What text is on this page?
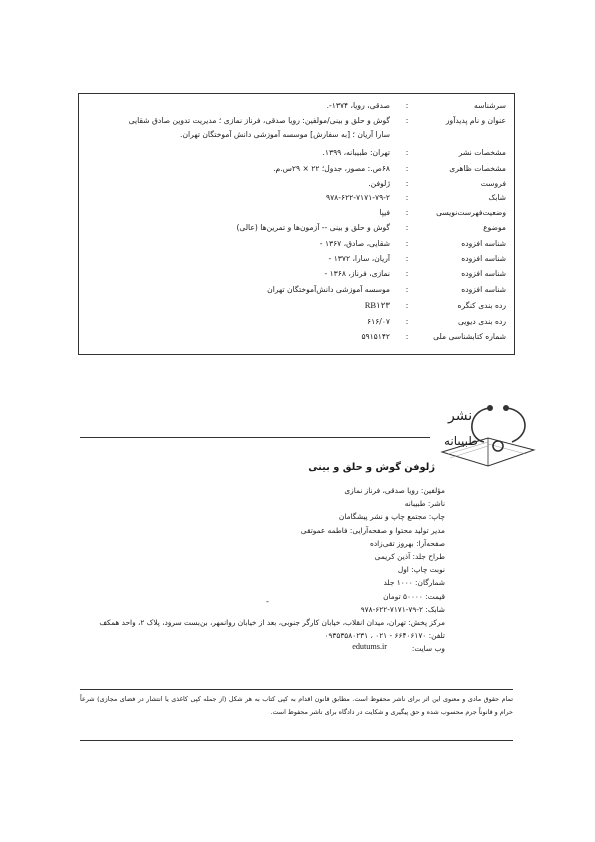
سرشناسه
:
صدقی، رویا، ۱۳۷۴-.
عنوان و نام پدیدآور
:
گوش و حلق و بینی/مولفین: رویا صدقی، فرناز نمازی ؛ مدیریت تدوین صادق شقایی
سارا آریان ؛ [به سفارش] موسسه آموزشی دانش آموختگان تهران.
مشخصات نشر
:
تهران: طبیبانه، ۱۳۹۹.
مشخصات ظاهری
:
۶۸ص.: مصور، جدول؛ ۲۲ × ۲۹س.م.
فروست
:
ژلوفن.
شابک
:
۹۷۸-۶۲۲-۷۱۷۱-۷۹-۲
وضعیت‌فهرست‌نویسی
:
فیپا
موضوع
:
گوش و حلق و بینی -- آزمون‌ها و تمرین‌ها (عالی)
شناسه افزوده
:
شقایی، صادق، ۱۳۶۷ -
شناسه افزوده
:
آریان، سارا، ۱۳۷۲ -
شناسه افزوده
:
نمازی، فرناز، ۱۳۶۸ -
شناسه افزوده
:
موسسه آموزشی دانش‌آموختگان تهران
رده بندی کنگره
:
RB۱۲۳
رده بندی دیویی
:
۶۱۶/۰۷
شماره کتابشناسی ملی
:
۵۹۱۵۱۴۲
نشر
طبیبانه
ژلوفن گوش و حلق و بینی
مؤلفین: رویا صدقی، فرناز نمازی
ناشر: طبیبانه
چاپ: مجتمع چاپ و نشر پیشگامان
مدیر تولید محتوا و صفحه‌آرایی: فاطمه عموتقی
صفحه‌آرا: بهروز تقی‌زاده
طراح جلد: آذین کریمی
نوبت چاپ: اول
شمارگان: ۱۰۰۰ جلد
قیمت: ۵۰۰۰۰ تومان
شابک: ۲-۷۹-۷۱۷۱-۶۲۲-۹۷۸
مرکز پخش: تهران، میدان انقلاب، خیابان کارگر جنوبی، بعد از خیابان روانمهر، بن‌بست سرود، پلاک ۲، واحد همکف
تلفن: ۶۶۴۰۶۱۷۰ - ۰۲۱ ، ۰۹۳۵۳۵۸۰۲۳۱
وب سایت:
edutums.ir
-
تمام حقوق مادی و معنوی این اثر برای ناشر محفوظ است. مطابق قانون اقدام به کپی کتاب به هر شکل (از جمله کپی کاغذی یا انتشار در فضای مجازی) شرعاً حرام و قانوناً جرم محسوب شده و حق پیگیری و شکایت در دادگاه برای ناشر محفوظ است.
